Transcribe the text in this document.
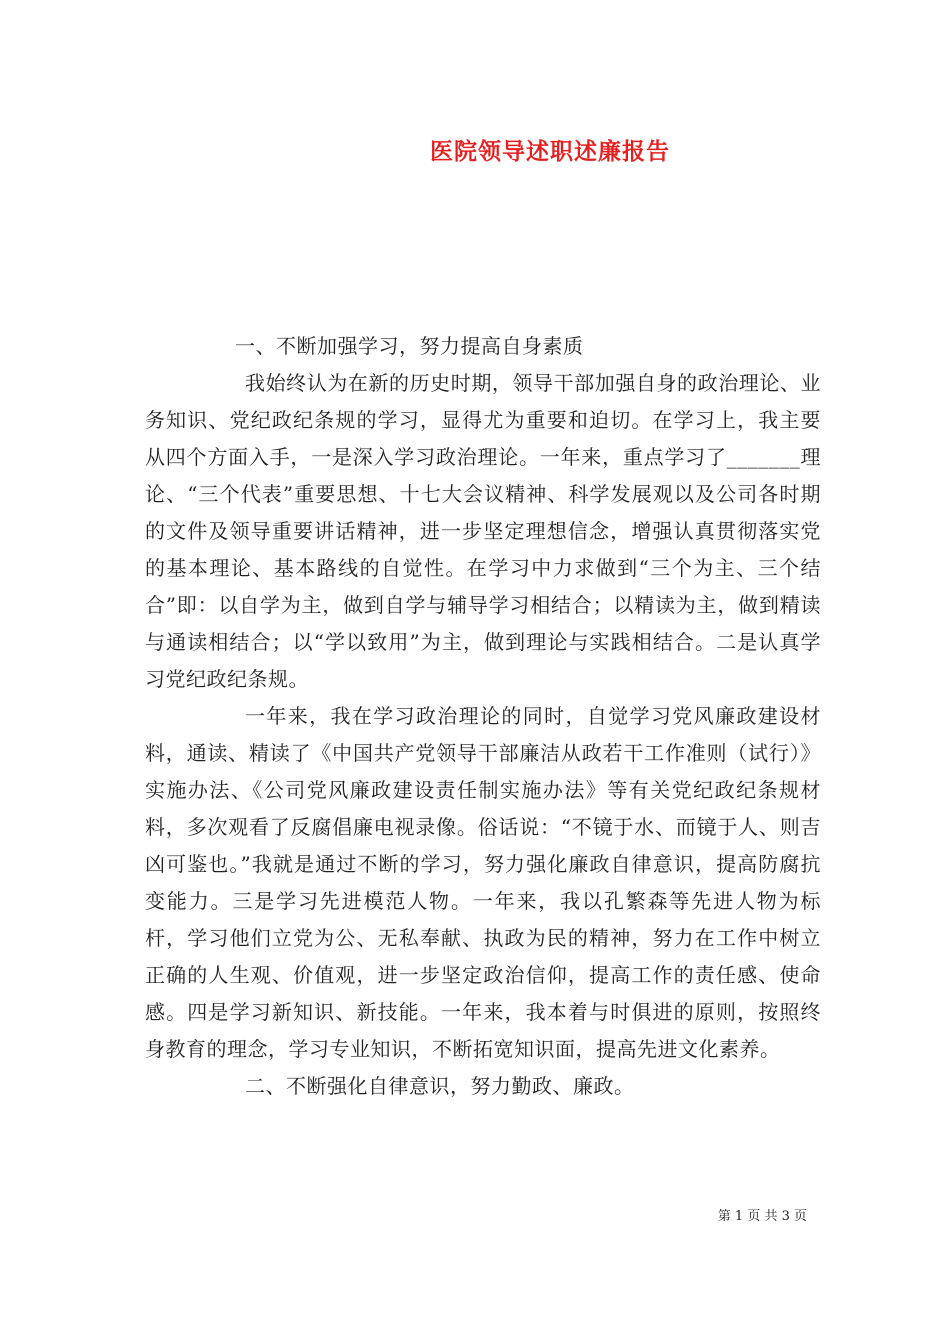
医院领导述职述廉报告

一、不断加强学习，努力提高自身素质

我始终认为在新的历史时期，领导干部加强自身的政治理论、业务知识、党纪政纪条规的学习，显得尤为重要和迫切。在学习上，我主要从四个方面入手，一是深入学习政治理论。一年来，重点学习了_______理论、“三个代表”重要思想、十七大会议精神、科学发展观以及公司各时期的文件及领导重要讲话精神，进一步坚定理想信念，增强认真贯彻落实党的基本理论、基本路线的自觉性。在学习中力求做到“三个为主、三个结合”即：以自学为主，做到自学与辅导学习相结合；以精读为主，做到精读与通读相结合；以“学以致用”为主，做到理论与实践相结合。二是认真学习党纪政纪条规。

一年来，我在学习政治理论的同时，自觉学习党风廉政建设材料，通读、精读了《中国共产党领导干部廉洁从政若干工作准则（试行）》实施办法、《公司党风廉政建设责任制实施办法》等有关党纪政纪条规材料，多次观看了反腐倡廉电视录像。俗话说：“不镜于水、而镜于人、则吉凶可鉴也。”我就是通过不断的学习，努力强化廉政自律意识，提高防腐抗变能力。三是学习先进模范人物。一年来，我以孔繁森等先进人物为标杆，学习他们立党为公、无私奉献、执政为民的精神，努力在工作中树立正确的人生观、价值观，进一步坚定政治信仰，提高工作的责任感、使命感。四是学习新知识、新技能。一年来，我本着与时俱进的原则，按照终身教育的理念，学习专业知识，不断拓宽知识面，提高先进文化素养。

二、不断强化自律意识，努力勤政、廉政。

第 1 页 共 3 页
